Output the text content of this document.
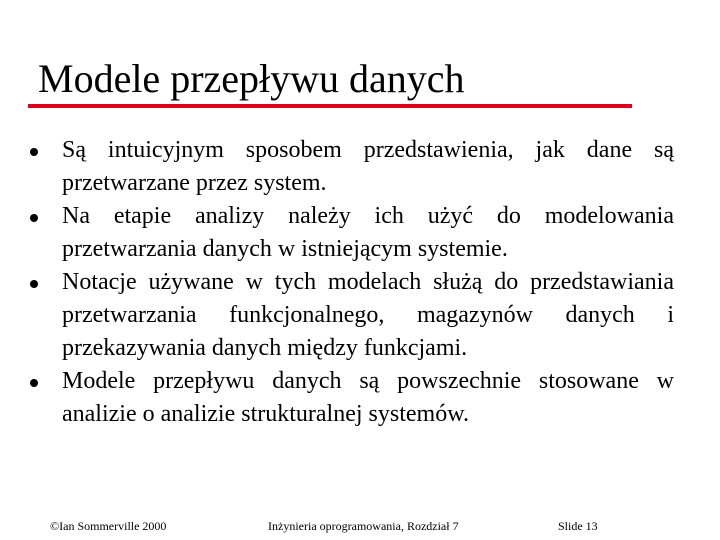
Modele przepływu danych
Są intuicyjnym sposobem przedstawienia, jak dane są przetwarzane przez system.
Na etapie analizy należy ich użyć do modelowania przetwarzania danych w istniejącym systemie.
Notacje używane w tych modelach służą do przedstawiania przetwarzania funkcjonalnego, magazynów danych i przekazywania danych między funkcjami.
Modele przepływu danych są powszechnie stosowane w analizie o analizie strukturalnej systemów.
©Ian Sommerville 2000	Inżynieria oprogramowania, Rozdział 7	Slide 13
